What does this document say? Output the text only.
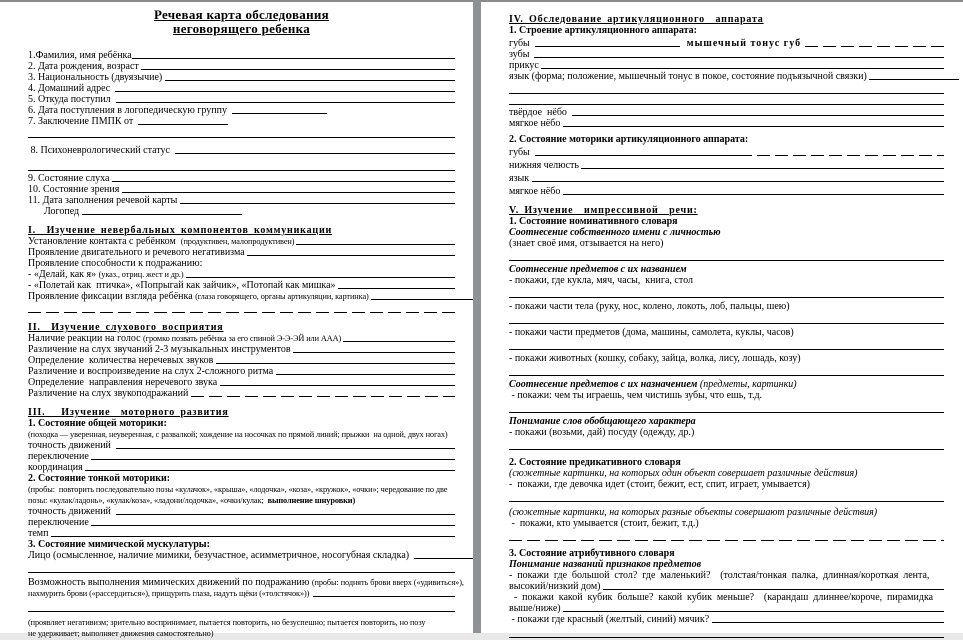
Речевая карта обследования
неговорящего ребенка
1.Фамилия, имя ребёнка
2. Дата рождения, возраст
3. Национальность (двуязычие)
4. Домашний адрес
5. Откуда поступил
6. Дата поступления в логопедическую группу
7. Заключение ПМПК от
8. Психоневрологический статус
9. Состояние слуха
10. Состояние зрения
11. Дата заполнения речевой карты
Логопед
I.  Изучение невербальных компонентов коммуникации
Установление контакта с ребёнком (продуктивен, малопродуктивен)
Проявление двигательного и речевого негативизма
Проявление способности к подражанию:
- «Делай, как я» (указ., отриц. жест и др.)
- «Полетай как  птичка», «Попрыгай как зайчик», «Потопай как мишка»
Проявление фиксации взгляда ребёнка (глаза говорящего, органы артикуляции, картинка)
II.  Изучение слухового восприятия
Наличие реакции на голос (громко позвать ребёнка за его спиной Э-Э-ЭЙ или ААА)
Различение на слух звучаний 2-3 музыкальных инструментов
Определение  количества неречевых звуков
Различение и воспроизведение на слух 2-сложного ритма
Определение  направления неречевого звука
Различение на слух звукоподражаний
III.   Изучение  моторного развития
1. Состояние общей моторики:
(походка — уверенная, неуверенная, с развалкой; хождение на носочках по прямой линий; прыжки  на одной, двух ногах)
точность движений
переключение
координация
2. Состояние тонкой моторики:
(пробы:  повторить последовательно позы «кулачок», «крыша», «лодочка», «коза», «кружок», «очки»; чередование по две
позы: «кулак/ладонь», «кулак/коза», «ладони/лодочка», «очки/кулак; выполнение шнуровки)
точность движений
переключение
темп
3. Состояние мимической мускулатуры:
Лицо (осмысленное, наличие мимики, безучастное, асимметричное, носогубная складка)
Возможность выполнения мимических движений по подражанию (пробы: поднять брови вверх («удивиться»),
нахмурить брови («рассердиться»), прищурить глаза, надуть щёки («толстячок»))
(проявляет негативизм; зрительно воспринимает, пытается повторить, но безуспешно; пытается повторить, но позу
не удерживает; выполняет движения самостоятельно)
IV. Обследование артикуляционного  аппарата
1. Строение артикуляционного аппарата:
губы	мышечный тонус губ
зубы
прикус
язык (форма; положение, мышечный тонус в покое, состояние подъязычной связки)
твёрдое  нёбо
мягкое нёбо
2. Состояние моторики артикуляционного аппарата:
губы
нижняя челюсть
язык
мягкое нёбо
V. Изучение  импрессивной  речи:
1. Состояние номинативного словаря
Соотнесение собственного имени с личностью
(знает своё имя, отзывается на него)
Соотнесение предметов с их названием
- покажи, где кукла, мяч, часы,  книга, стол
- покажи части тела (руку, нос, колено, локоть, лоб, пальцы, шею)
- покажи части предметов (дома, машины, самолета, куклы, часов)
- покажи животных (кошку, собаку, зайца, волка, лису, лошадь, козу)
Соотнесение предметов с их назначением (предметы, картинки)
- покажи: чем ты играешь, чем чистишь зубы, что ешь, т.д.
Понимание слов обобщающего характера
- покажи (возьми, дай) посуду (одежду, др.)
2. Состояние предикативного словаря
(сюжетные картинки, на которых один объект совершает различные действия)
-  покажи, где девочка идет (стоит, бежит, ест, спит, играет, умывается)
(сюжетные картинки, на которых разные объекты совершают различные действия)
-  покажи, кто умывается (стоит, бежит, т.д.)
3. Состояние атрибутивного словаря
Понимание названий признаков предметов
- покажи где большой стол? где маленький?  (толстая/тонкая палка, длинная/короткая лента,
высокий/низкий дом)
- покажи какой кубик больше? какой кубик меньше?  (карандаш длиннее/короче, пирамидка
выше/ниже)
- покажи где красный (желтый, синий) мячик?
